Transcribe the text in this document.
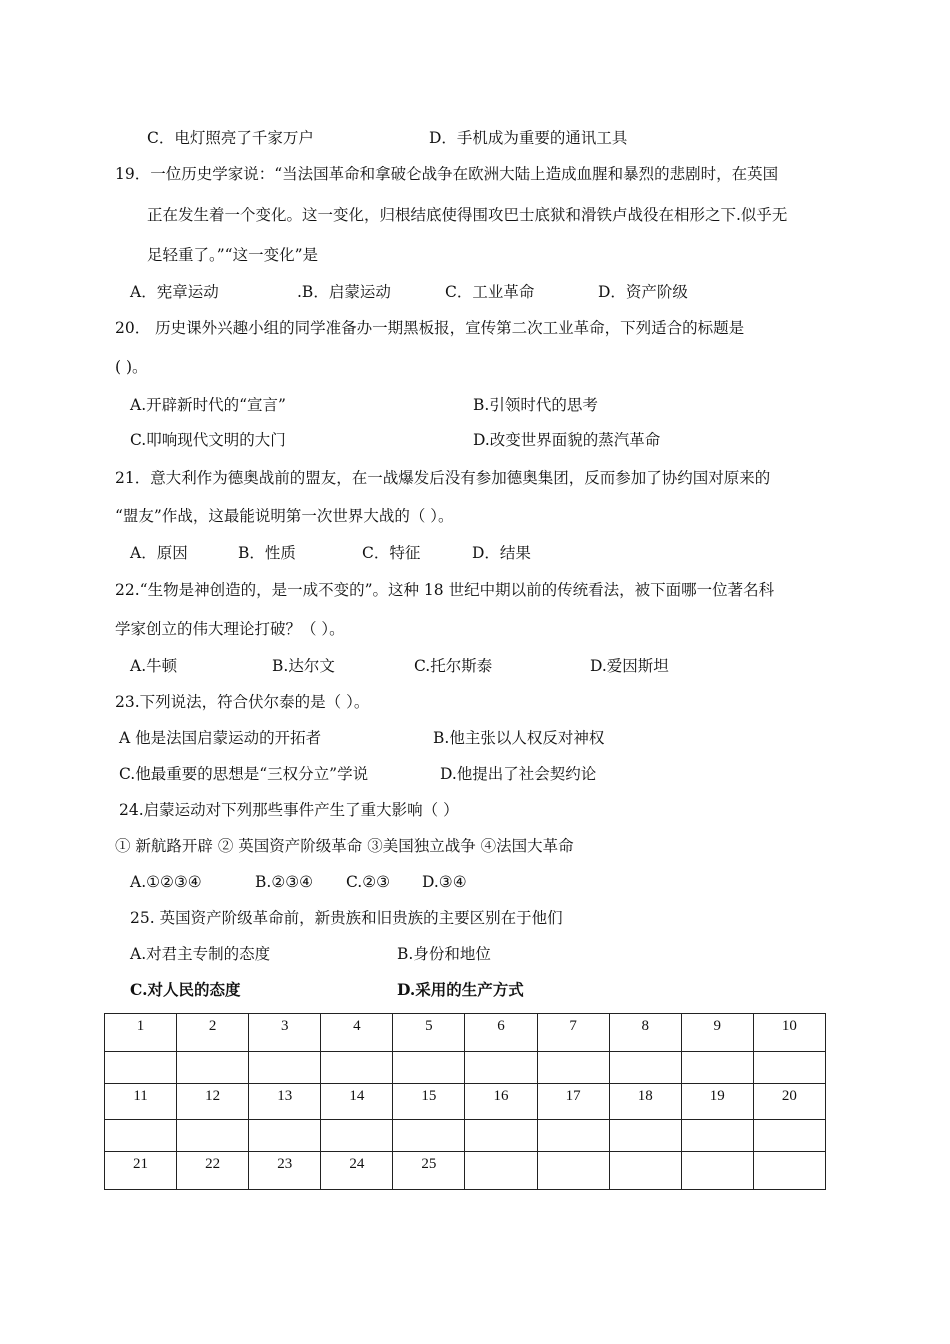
C．电灯照亮了千家万户	D．手机成为重要的通讯工具
19．一位历史学家说：“当法国革命和拿破仑战争在欧洲大陆上造成血腥和暴烈的悲剧时，在英国
正在发生着一个变化。这一变化，归根结底使得围攻巴士底狱和滑铁卢战役在相形之下.似乎无
足轻重了。”“这一变化”是
A．宪章运动	.B．启蒙运动	C．工业革命	D．资产阶级
20． 历史课外兴趣小组的同学准备办一期黑板报，宣传第二次工业革命，下列适合的标题是
( )。
A.开辟新时代的“宣言”	B.引领时代的思考
C.叩响现代文明的大门	D.改变世界面貌的蒸汽革命
21．意大利作为德奥战前的盟友，在一战爆发后没有参加德奥集团，反而参加了协约国对原来的
“盟友”作战，这最能说明第一次世界大战的（ ）。
A．原因	B．性质	C．特征	D．结果
22.“生物是神创造的，是一成不变的”。这种 18 世纪中期以前的传统看法，被下面哪一位著名科
学家创立的伟大理论打破？（ ）。
A.牛顿	B.达尔文	C.托尔斯泰	D.爱因斯坦
23.下列说法，符合伏尔泰的是（ ）。
A 他是法国启蒙运动的开拓者	B.他主张以人权反对神权
C.他最重要的思想是“三权分立”学说	D.他提出了社会契约论
24.启蒙运动对下列那些事件产生了重大影响（ ）
① 新航路开辟 ② 英国资产阶级革命 ③美国独立战争 ④法国大革命
A.①②③④	B.②③④ C.②③ D.③④
25. 英国资产阶级革命前，新贵族和旧贵族的主要区别在于他们
A.对君主专制的态度	B.身份和地位
C.对人民的态度	D.采用的生产方式
1	2	3	4	5	6	7	8	9	10

11	12	13	14	15	16	17	18	19	20

21	22	23	24	25					
